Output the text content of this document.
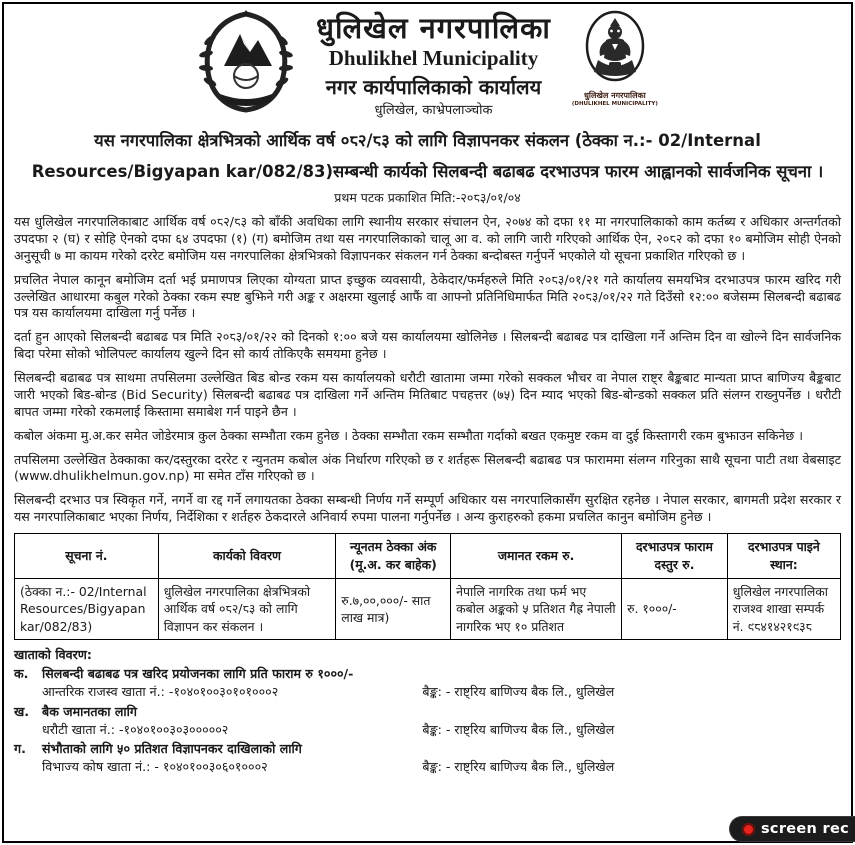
धुलिखेल नगरपालिका
Dhulikhel Municipality
नगर कार्यपालिकाको कार्यालय
धुलिखेल, काभ्रेपलाञ्चोक
धुलिखेल नगरपालिका
(DHULIKHEL MUNICIPALITY)
यस नगरपालिका क्षेत्रभित्रको आर्थिक वर्ष ०८२/८३ को लागि विज्ञापनकर संकलन (ठेक्का न.:- 02/Internal Resources/Bigyapan kar/082/83)सम्बन्धी कार्यको सिलबन्दी बढाबढ दरभाउपत्र फारम आह्वानको सार्वजनिक सूचना ।
प्रथम पटक प्रकाशित मिति:-२०८३/०१/०४

यस धुलिखेल नगरपालिकाबाट आर्थिक वर्ष ०८२/८३ को बाँकी अवधिका लागि स्थानीय सरकार संचालन ऐन, २०७४ को दफा ११ मा नगरपालिकाको काम कर्तब्य र अधिकार अन्तर्गतको उपदफा २ (घ) र सोहि ऐनको दफा ६४ उपदफा (१) (ग) बमोजिम तथा यस नगरपालिकाको चालू आ व. को लागि जारी गरिएको आर्थिक ऐन, २०८२ को दफा १० बमोजिम सोही ऐनको अनुसूची ७ मा कायम गरेको दररेट बमोजिम यस नगरपालिका क्षेत्रभित्रको विज्ञापनकर संकलन गर्न ठेक्का बन्दोबस्त गर्नुपर्ने भएकोले यो सूचना प्रकाशित गरिएको छ ।

प्रचलित नेपाल कानून बमोजिम दर्ता भई प्रमाणपत्र लिएका योग्यता प्राप्त इच्छुक व्यवसायी, ठेकेदार/फर्महरुले मिति २०८३/०१/२१ गते कार्यालय समयभित्र दरभाउपत्र फारम खरिद गरी उल्लेखित आधारमा कबुल गरेको ठेक्का रकम स्पष्ट बुझिने गरी अङ्क र अक्षरमा खुलाई आफैं वा आफ्नो प्रतिनिधिमार्फत मिति २०८३/०१/२२ गते दिउँसो १२:०० बजेसम्म सिलबन्दी बढाबढ पत्र यस कार्यालयमा दाखिला गर्नु पर्नेछ ।

दर्ता हुन आएको सिलबन्दी बढाबढ पत्र मिति २०८३/०१/२२ को दिनको १:०० बजे यस कार्यालयमा खोलिनेछ । सिलबन्दी बढाबढ पत्र दाखिला गर्ने अन्तिम दिन वा खोल्ने दिन सार्वजनिक बिदा परेमा सोको भोलिपल्ट कार्यालय खुल्ने दिन सो कार्य तोकिएकै समयमा हुनेछ ।

सिलबन्दी बढाबढ पत्र साथमा तपसिलमा उल्लेखित बिड बोन्ड रकम यस कार्यालयको धरौटी खातामा जम्मा गरेको सक्कल भौचर वा नेपाल राष्ट्र बैङ्कबाट मान्यता प्राप्त बाणिज्य बैङ्कबाट जारी भएको बिड-बोन्ड (Bid Security) सिलबन्दी बढाबढ पत्र दाखिला गर्ने अन्तिम मितिबाट पचहत्तर (७५) दिन म्याद भएको बिड-बोन्डको सक्कल प्रति संलग्न राख्नुपर्नेछ । धरौटी बापत जम्मा गरेको रकमलाई किस्तामा समाबेश गर्न पाइने छैन ।

कबोल अंकमा मु.अ.कर समेत जोडेरमात्र कुल ठेक्का सम्भौता रकम हुनेछ । ठेक्का सम्भौता रकम सम्भौता गर्दाको बखत एकमुष्ट रकम वा दुई किस्तागरी रकम बुझाउन सकिनेछ ।

तपसिलमा उल्लेखित ठेक्काका कर/दस्तुरका दररेट र न्युनतम कबोल अंक निर्धारण गरिएको छ र शर्तहरू सिलबन्दी बढाबढ पत्र फाराममा संलग्न गरिनुका साथै सूचना पाटी तथा वेबसाइट (www.dhulikhelmun.gov.np) मा समेत टाँस गरिएको छ ।

सिलबन्दी दरभाउ पत्र स्विकृत गर्ने, नगर्ने वा रद्द गर्ने लगायतका ठेक्का सम्बन्धी निर्णय गर्ने सम्पूर्ण अधिकार यस नगरपालिकासँग सुरक्षित रहनेछ । नेपाल सरकार, बागमती प्रदेश सरकार र यस नगरपालिकाबाट भएका निर्णय, निर्देशिका र शर्तहरु ठेकदारले अनिवार्य रुपमा पालना गर्नुपर्नेछ । अन्य कुराहरुको हकमा प्रचलित कानुन बमोजिम हुनेछ ।

सूचना नं.	कार्यको विवरण	न्यूनतम ठेक्का अंक (मू.अ. कर बाहेक)	जमानत रकम रु.	दरभाउपत्र फाराम दस्तुर रु.	दरभाउपत्र पाइने स्थान:
(ठेक्का न.:- 02/Internal Resources/Bigyapan kar/082/83)	धुलिखेल नगरपालिका क्षेत्रभित्रको आर्थिक वर्ष ०८२/८३ को लागि विज्ञापन कर संकलन ।	रु.७,००,०००/- सात लाख मात्र)	नेपालि नागरिक तथा फर्म भए कबोल अङ्कको ५ प्रतिशत गैह्र नेपाली नागरिक भए १० प्रतिशत	रु. १०००/-	धुलिखेल नगरपालिका राजश्व शाखा सम्पर्क नं. ९८४१४२१९३८
खाताको विवरण:
क. सिलबन्दी बढाबढ पत्र खरिद प्रयोजनका लागि प्रति फाराम रु १०००/-
आन्तरिक राजस्व खाता नं.: -१०४०१००३०१०१०००२	बैङ्क: - राष्ट्रिय बाणिज्य बैक लि., धुलिखेल
ख. बैक जमानतका लागि
धरौटी खाता नं.: -१०४०१००३०३०००००२	बैङ्क: - राष्ट्रिय बाणिज्य बैक लि., धुलिखेल
ग.	संभौताको लागि ५० प्रतिशत विज्ञापनकर दाखिलाको लागि
विभाज्य कोष खाता नं.: - १०४०१००३०६०१०००२	बैङ्क: - राष्ट्रिय बाणिज्य बैक लि., धुलिखेल
screen rec
